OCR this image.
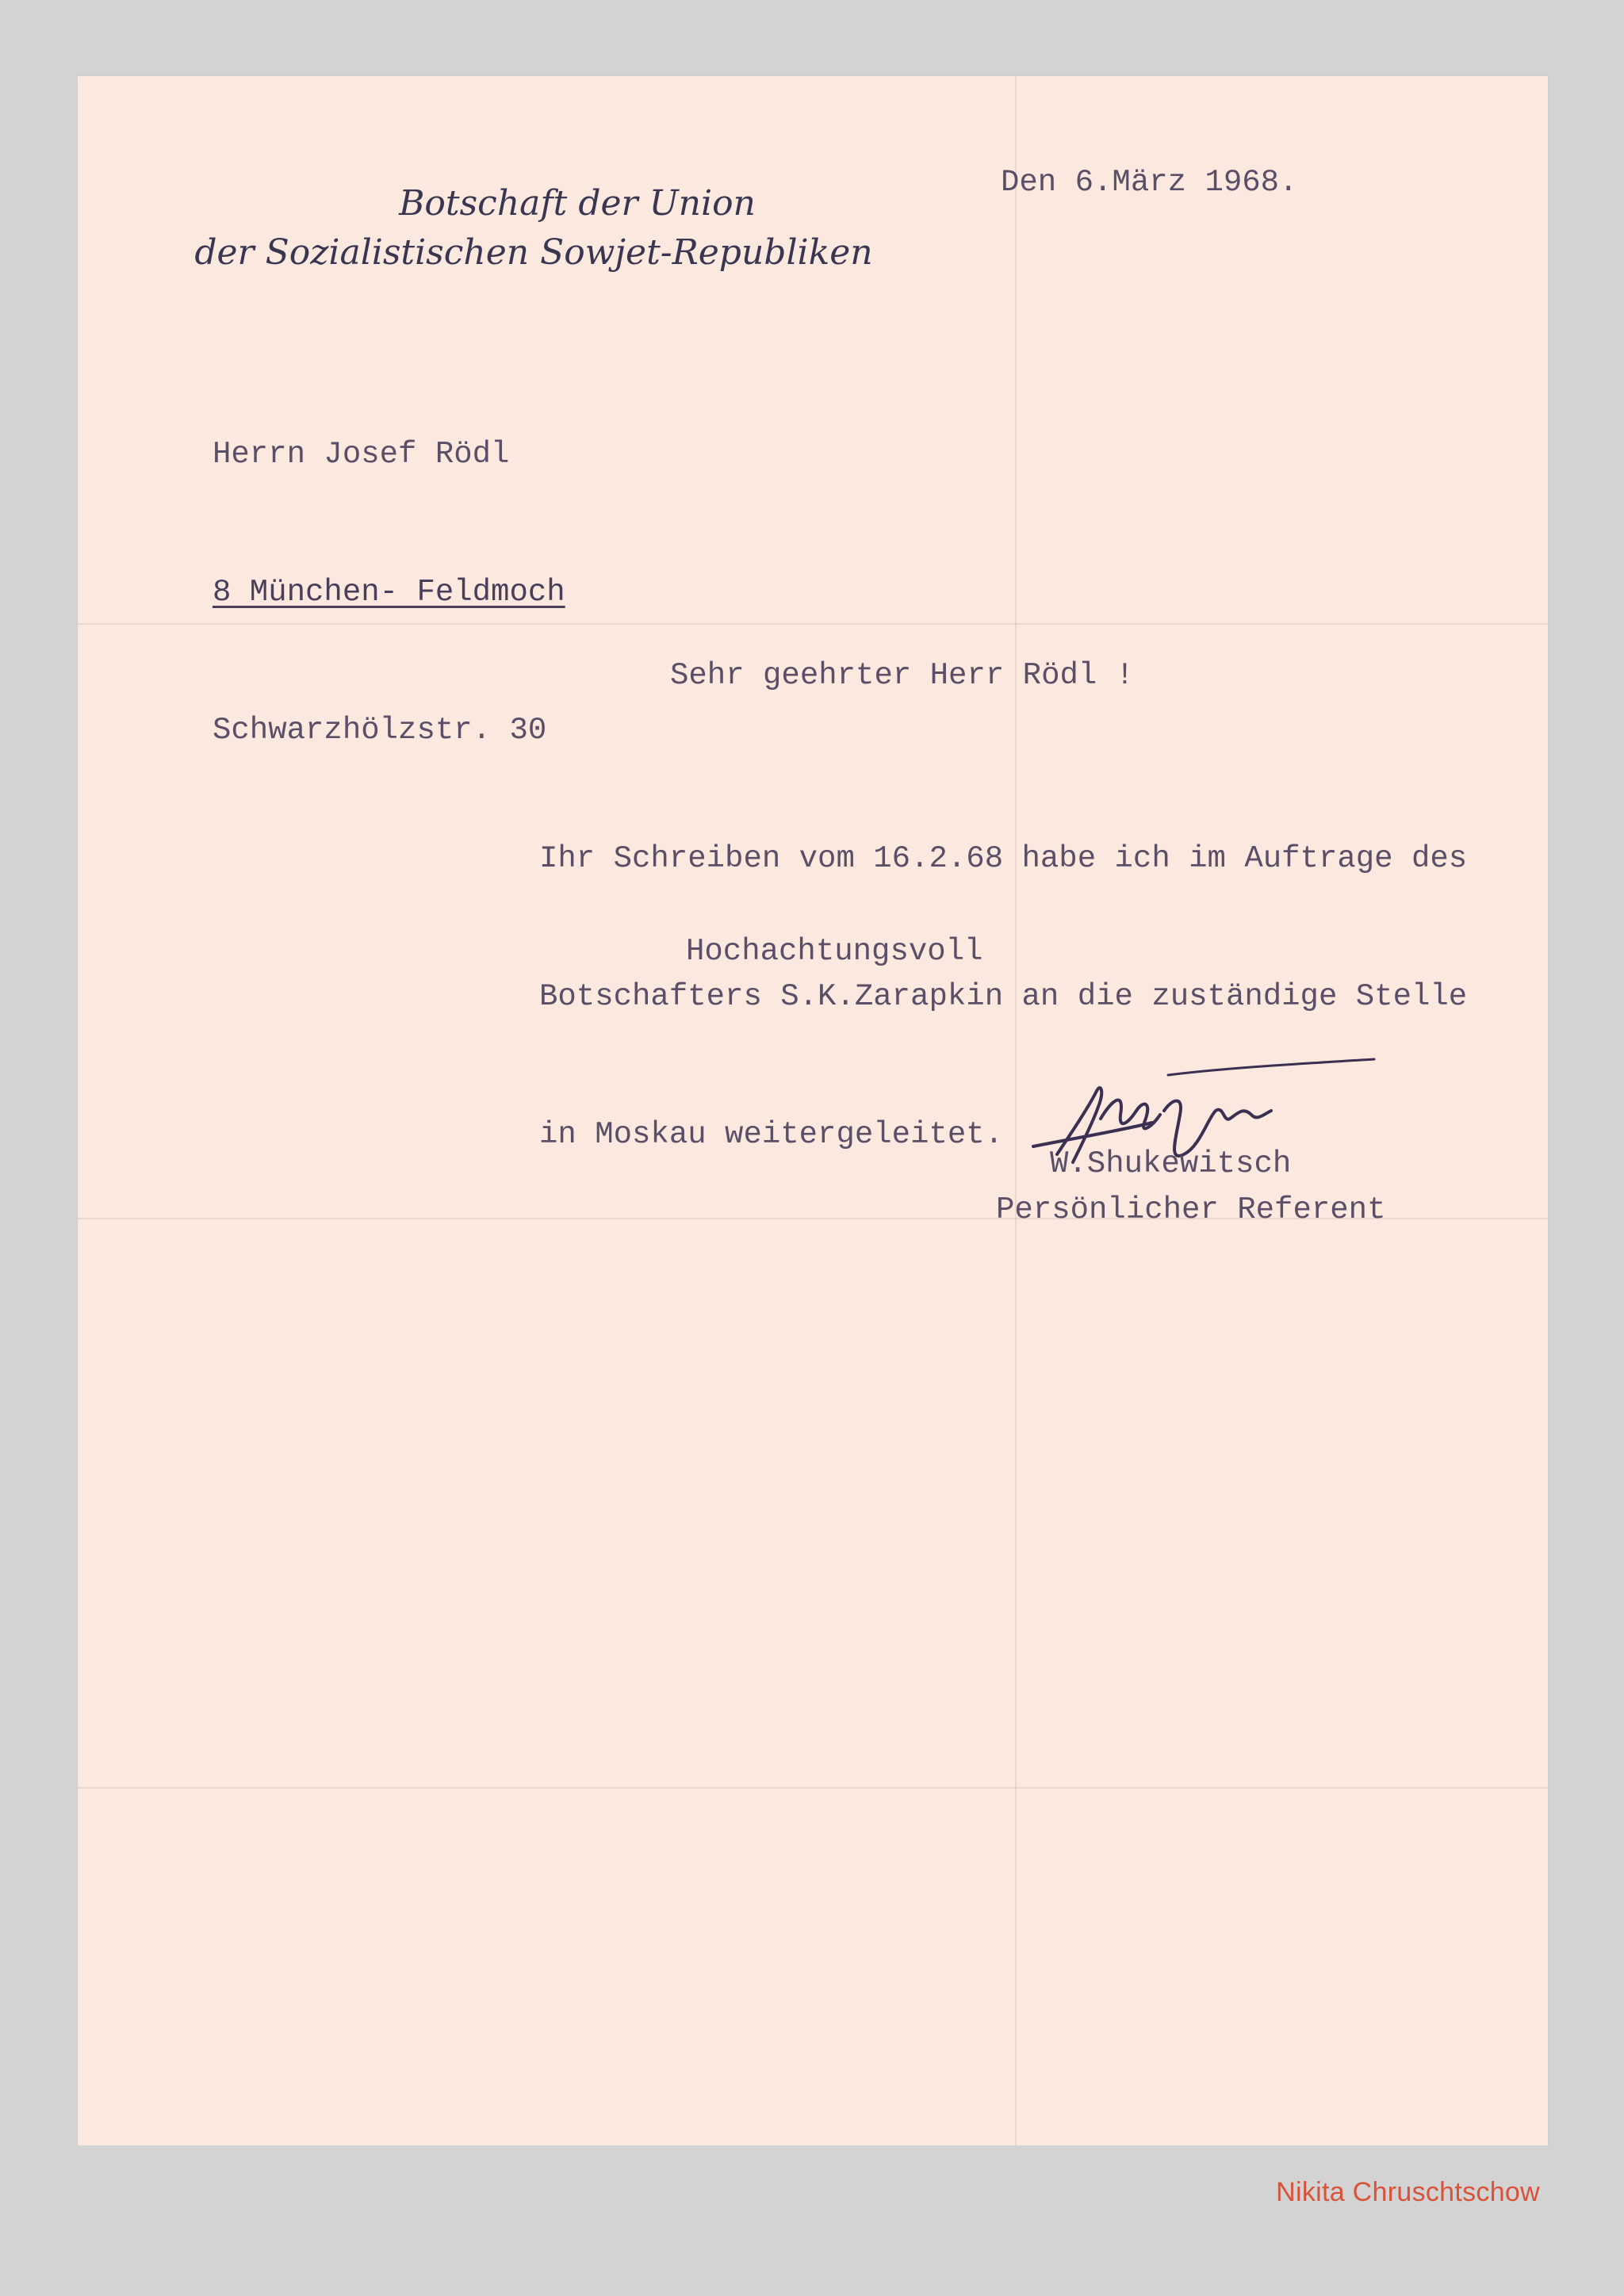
Botschaft der Union
der Sozialistischen Sowjet-Republiken
Den 6.März 1968.

Herrn Josef Rödl

8 München- Feldmoch

Schwarzhölzstr. 30

Sehr geehrter Herr Rödl !

Ihr Schreiben vom 16.2.68 habe ich im Auftrage des

Botschafters S.K.Zarapkin an die zuständige Stelle

in Moskau weitergeleitet.

Hochachtungsvoll
W.Shukewitsch
Persönlicher Referent
Nikita Chruschtschow
